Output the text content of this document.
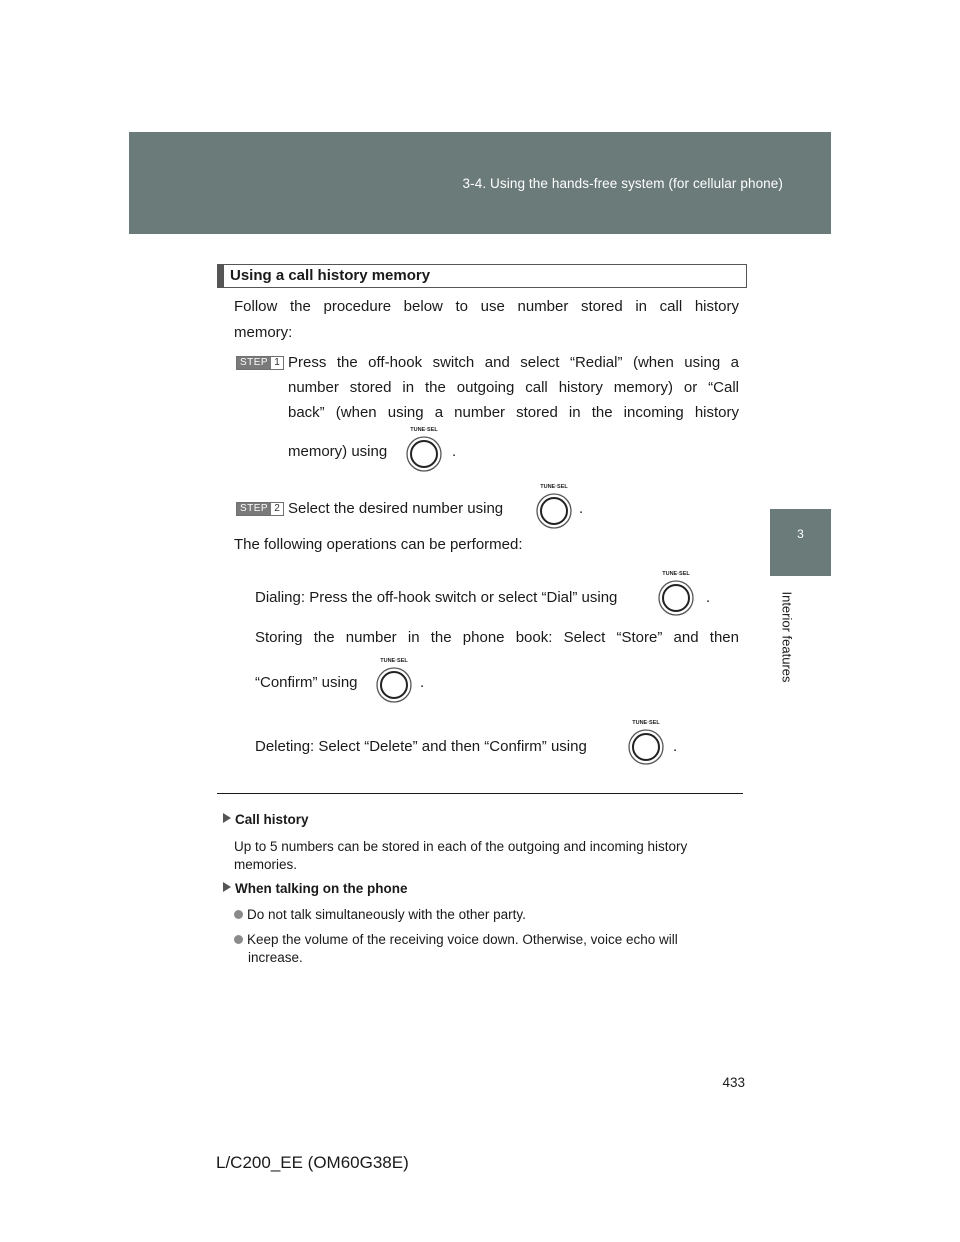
3-4. Using the hands-free system (for cellular phone)
3
Interior features
Using a call history memory
Follow the procedure below to use number stored in call history
memory:
STEP 1 Press the off-hook switch and select “Redial” (when using a
number stored in the outgoing call history memory) or “Call
back” (when using a number stored in the incoming history
memory) using
TUNE·SEL
.
STEP 2 Select the desired number using
TUNE·SEL
.
The following operations can be performed:
Dialing: Press the off-hook switch or select “Dial” using
TUNE·SEL
.
Storing the number in the phone book: Select “Store” and then
“Confirm” using
TUNE·SEL
.
Deleting: Select “Delete” and then “Confirm” using
TUNE·SEL
.
Call history
Up to 5 numbers can be stored in each of the outgoing and incoming history
memories.
When talking on the phone
Do not talk simultaneously with the other party.
Keep the volume of the receiving voice down. Otherwise, voice echo will
increase.
433
L/C200_EE (OM60G38E)
